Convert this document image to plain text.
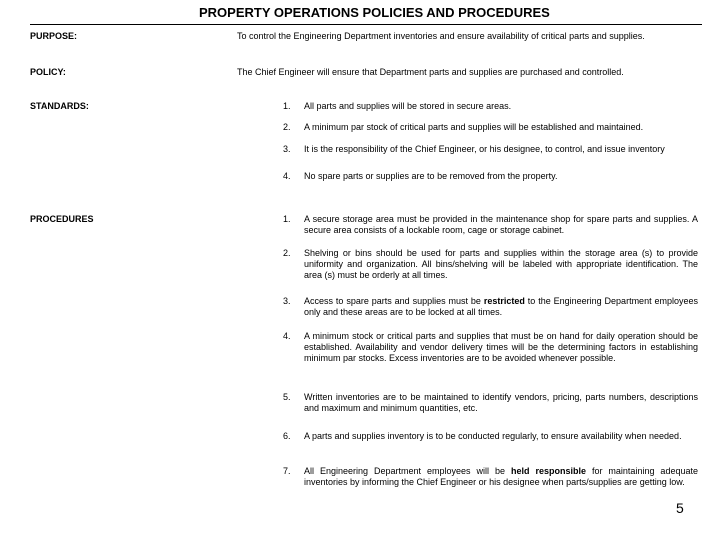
PROPERTY OPERATIONS POLICIES AND PROCEDURES
PURPOSE:	To control the Engineering Department inventories and ensure availability of critical parts and supplies.
POLICY:	The Chief Engineer will ensure that Department parts and supplies are purchased and controlled.
STANDARDS:	1. All parts and supplies will be stored in secure areas.
2. A minimum par stock of critical parts and supplies will be established and maintained.
3. It is the responsibility of the Chief Engineer, or his designee, to control, and issue inventory
4. No spare parts or supplies are to be removed from the property.
PROCEDURES	1. A secure storage area must be provided in the maintenance shop for spare parts and supplies. A secure area consists of a lockable room, cage or storage cabinet.
2. Shelving or bins should be used for parts and supplies within the storage area (s) to provide uniformity and organization. All bins/shelving will be labeled with appropriate identification. The area (s) must be orderly at all times.
3. Access to spare parts and supplies must be restricted to the Engineering Department employees only and these areas are to be locked at all times.
4. A minimum stock or critical parts and supplies that must be on hand for daily operation should be established. Availability and vendor delivery times will be the determining factors in establishing minimum par stocks. Excess inventories are to be avoided whenever possible.
5. Written inventories are to be maintained to identify vendors, pricing, parts numbers, descriptions and maximum and minimum quantities, etc.
6. A parts and supplies inventory is to be conducted regularly, to ensure availability when needed.
7. All Engineering Department employees will be held responsible for maintaining adequate inventories by informing the Chief Engineer or his designee when parts/supplies are getting low.
5
